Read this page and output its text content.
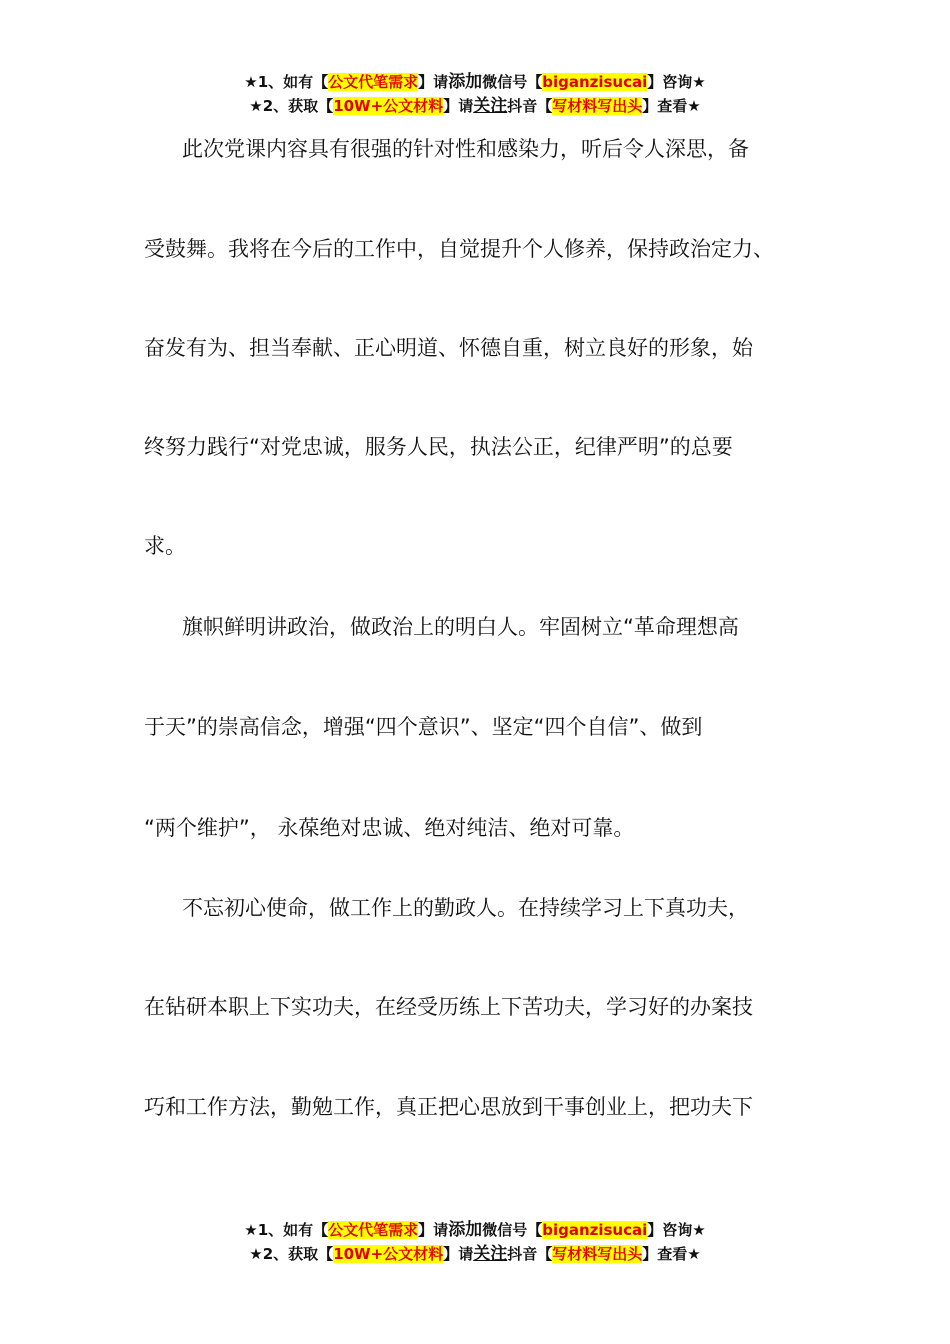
★1、如有【公文代笔需求】请添加微信号【biganzisucai】咨询★
★2、获取【10W+公文材料】请关注抖音【写材料写出头】查看★
此次党课内容具有很强的针对性和感染力，听后令人深思，备
受鼓舞。我将在今后的工作中，自觉提升个人修养，保持政治定力、
奋发有为、担当奉献、正心明道、怀德自重，树立良好的形象，始
终努力践行“对党忠诚，服务人民，执法公正，纪律严明”的总要
求。
旗帜鲜明讲政治，做政治上的明白人。牢固树立“革命理想高
于天”的崇高信念，增强“四个意识”、坚定“四个自信”、做到
“两个维护”， 永葆绝对忠诚、绝对纯洁、绝对可靠。
不忘初心使命，做工作上的勤政人。在持续学习上下真功夫，
在钻研本职上下实功夫，在经受历练上下苦功夫，学习好的办案技
巧和工作方法，勤勉工作，真正把心思放到干事创业上，把功夫下
★1、如有【公文代笔需求】请添加微信号【biganzisucai】咨询★
★2、获取【10W+公文材料】请关注抖音【写材料写出头】查看★
